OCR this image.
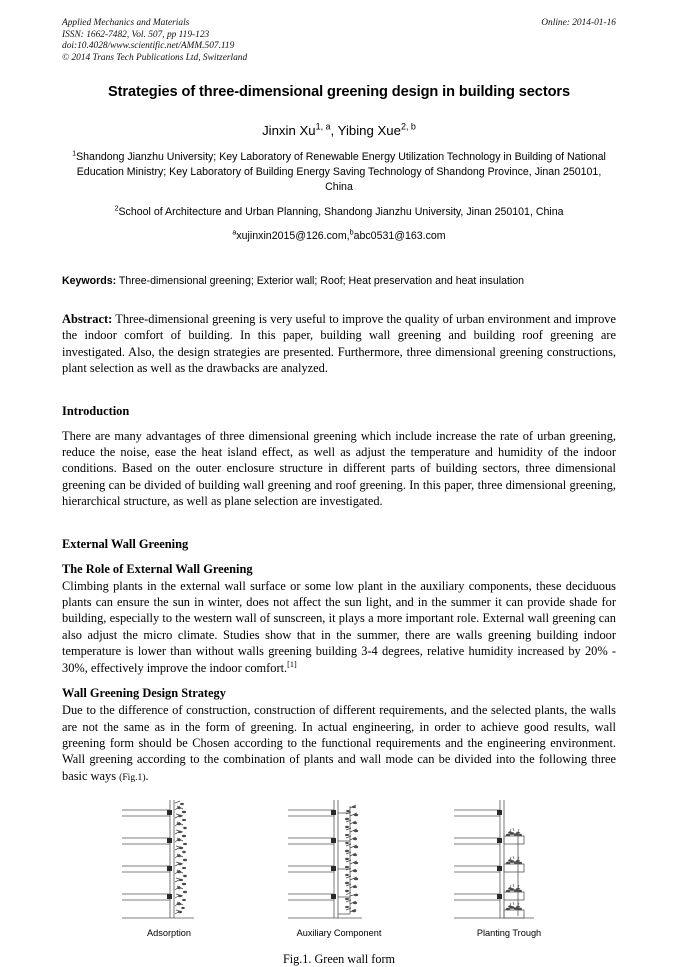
Applied Mechanics and Materials
ISSN: 1662-7482, Vol. 507, pp 119-123
doi:10.4028/www.scientific.net/AMM.507.119
© 2014 Trans Tech Publications Ltd, Switzerland
Online: 2014-01-16
Strategies of three-dimensional greening design in building sectors
Jinxin Xu$^{1, a}$, Yibing Xue$^{2, b}$
$^1$Shandong Jianzhu University; Key Laboratory of Renewable Energy Utilization Technology in Building of National Education Ministry; Key Laboratory of Building Energy Saving Technology of Shandong Province, Jinan 250101, China
$^2$School of Architecture and Urban Planning, Shandong Jianzhu University, Jinan 250101, China
$^a$xujinxin2015@126.com,$^b$abc0531@163.com
Keywords: Three-dimensional greening; Exterior wall; Roof; Heat preservation and heat insulation
Abstract: Three-dimensional greening is very useful to improve the quality of urban environment and improve the indoor comfort of building. In this paper, building wall greening and building roof greening are investigated. Also, the design strategies are presented. Furthermore, three dimensional greening constructions, plant selection as well as the drawbacks are analyzed.
Introduction

There are many advantages of three dimensional greening which include increase the rate of urban greening, reduce the noise, ease the heat island effect, as well as adjust the temperature and humidity of the indoor conditions. Based on the outer enclosure structure in different parts of building sectors, three dimensional greening can be divided of building wall greening and roof greening. In this paper, three dimensional greening, hierarchical structure, as well as plane selection are investigated.

External Wall Greening
The Role of External Wall Greening

Climbing plants in the external wall surface or some low plant in the auxiliary components, these deciduous plants can ensure the sun in winter, does not affect the sun light, and in the summer it can provide shade for building, especially to the western wall of sunscreen, it plays a more important role. External wall greening can also adjust the micro climate. Studies show that in the summer, there are walls greening building indoor temperature is lower than without walls greening building 3-4 degrees, relative humidity increased by 20% - 30%, effectively improve the indoor comfort.[1]

Wall Greening Design Strategy

Due to the difference of construction, construction of different requirements, and the selected plants, the walls are not the same as in the form of greening. In actual engineering, in order to achieve good results, wall greening form should be Chosen according to the functional requirements and the engineering environment. Wall greening according to the combination of plants and wall mode can be divided into the following three basic ways (Fig.1).

Adsorption	Auxiliary Component	Planting Trough
Fig.1. Green wall form
